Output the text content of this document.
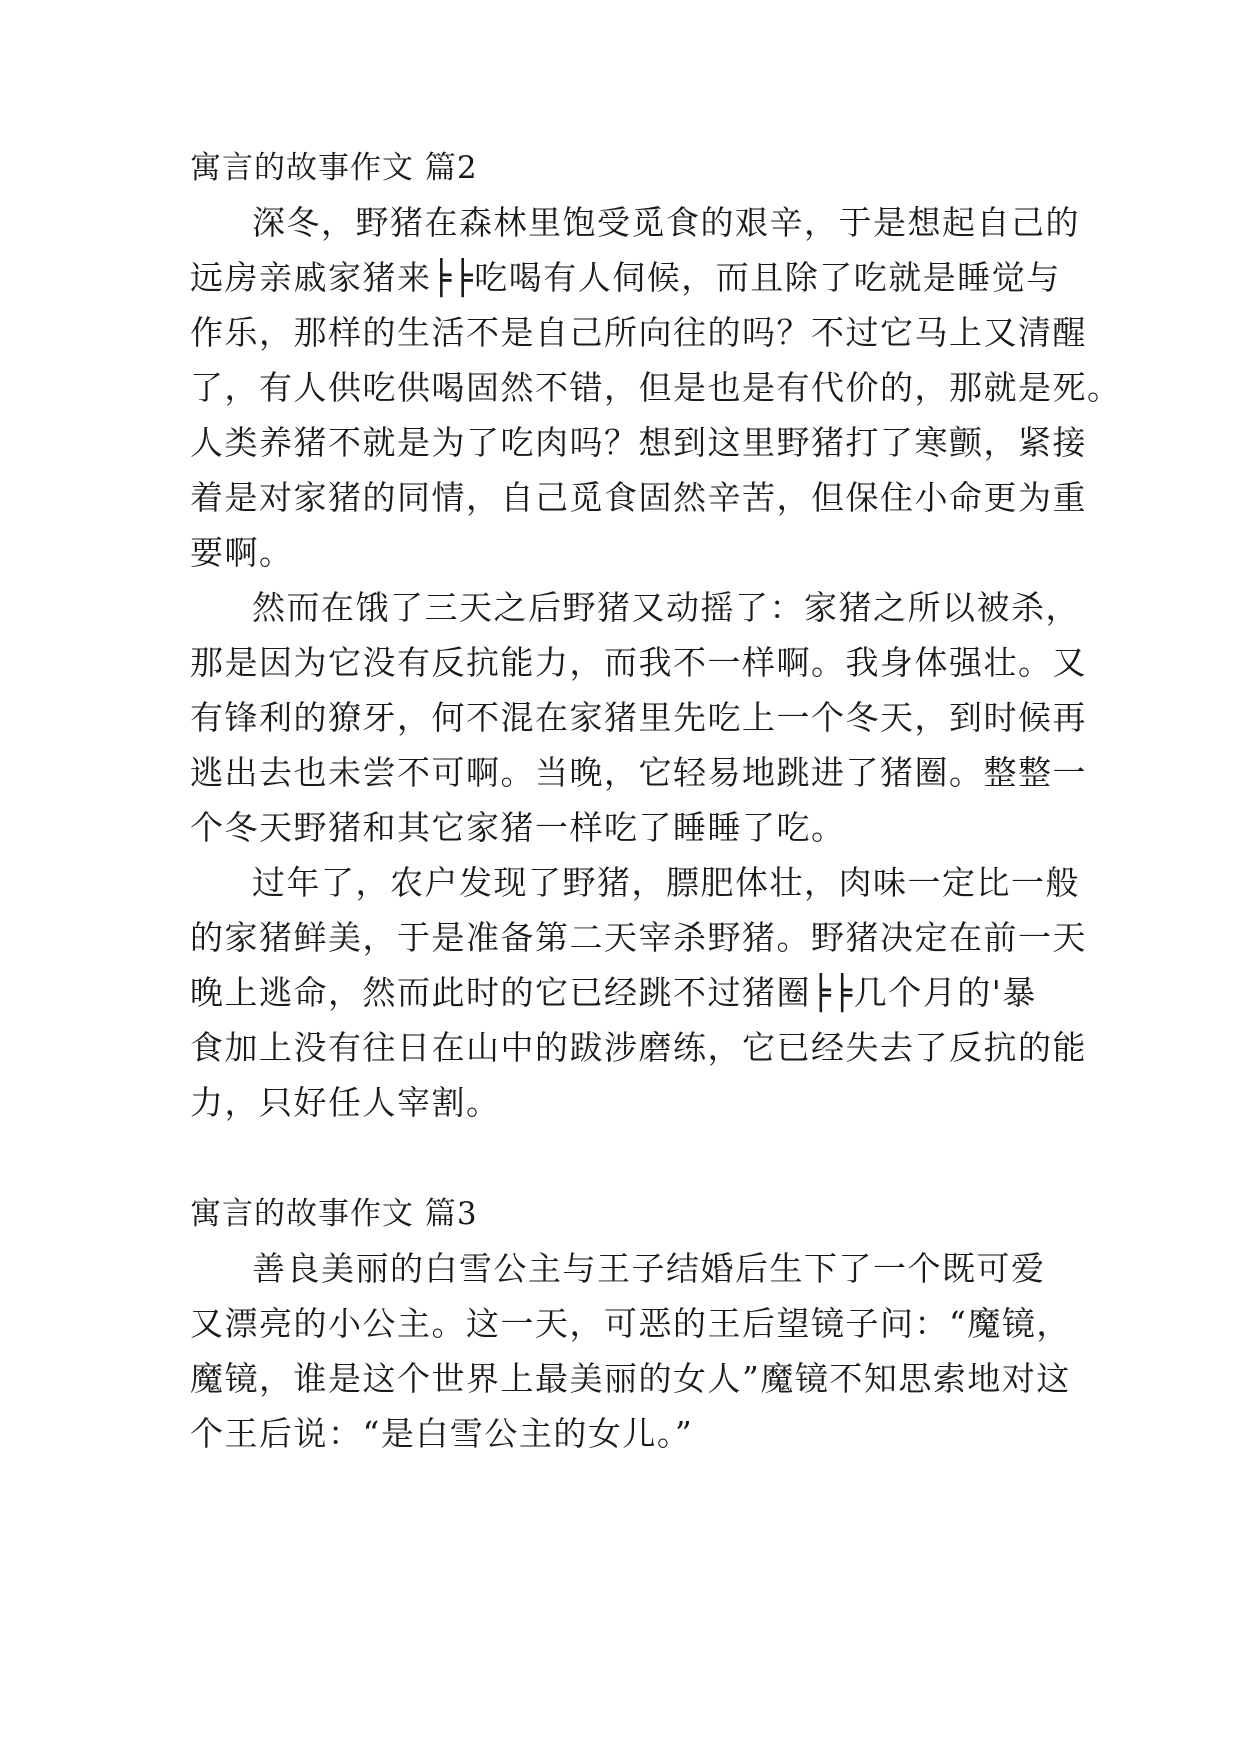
寓言的故事作文 篇2
深冬，野猪在森林里饱受觅食的艰辛，于是想起自己的
远房亲戚家猪来╞╞吃喝有人伺候，而且除了吃就是睡觉与
作乐，那样的生活不是自己所向往的吗？不过它马上又清醒
了，有人供吃供喝固然不错，但是也是有代价的，那就是死。
人类养猪不就是为了吃肉吗？想到这里野猪打了寒颤，紧接
着是对家猪的同情，自己觅食固然辛苦，但保住小命更为重
要啊。
然而在饿了三天之后野猪又动摇了：家猪之所以被杀，
那是因为它没有反抗能力，而我不一样啊。我身体强壮。又
有锋利的獠牙，何不混在家猪里先吃上一个冬天，到时候再
逃出去也未尝不可啊。当晚，它轻易地跳进了猪圈。整整一
个冬天野猪和其它家猪一样吃了睡睡了吃。
过年了，农户发现了野猪，膘肥体壮，肉味一定比一般
的家猪鲜美，于是准备第二天宰杀野猪。野猪决定在前一天
晚上逃命，然而此时的它已经跳不过猪圈╞╞几个月的'暴
食加上没有往日在山中的跋涉磨练，它已经失去了反抗的能
力，只好任人宰割。
寓言的故事作文 篇3
善良美丽的白雪公主与王子结婚后生下了一个既可爱
又漂亮的小公主。这一天，可恶的王后望镜子问：“魔镜，
魔镜，谁是这个世界上最美丽的女人”魔镜不知思索地对这
个王后说：“是白雪公主的女儿。”
